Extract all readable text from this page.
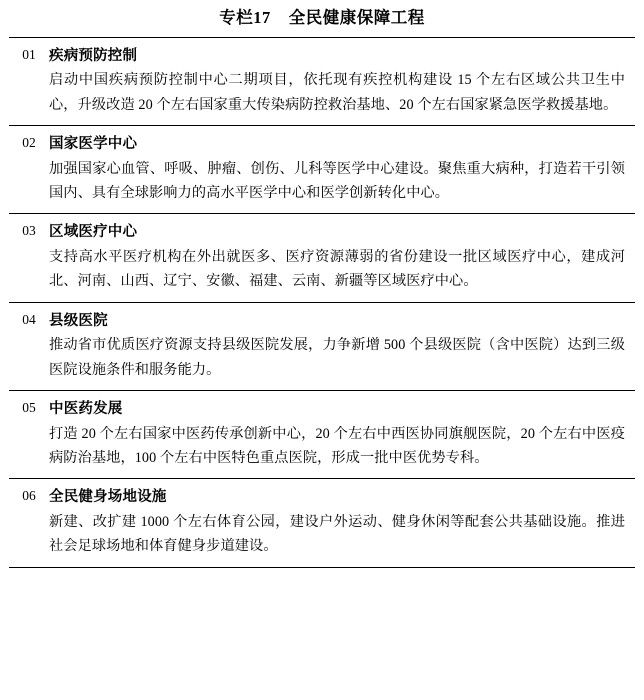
专栏17 全民健康保障工程
01 疾病预防控制
启动中国疾病预防控制中心二期项目，依托现有疾控机构建设 15 个左右区域公共卫生中心，升级改造 20 个左右国家重大传染病防控救治基地、20 个左右国家紧急医学救援基地。
02 国家医学中心
加强国家心血管、呼吸、肿瘤、创伤、儿科等医学中心建设。聚焦重大病种，打造若干引领国内、具有全球影响力的高水平医学中心和医学创新转化中心。
03 区域医疗中心
支持高水平医疗机构在外出就医多、医疗资源薄弱的省份建设一批区域医疗中心，建成河北、河南、山西、辽宁、安徽、福建、云南、新疆等区域医疗中心。
04 县级医院
推动省市优质医疗资源支持县级医院发展，力争新增 500 个县级医院（含中医院）达到三级医院设施条件和服务能力。
05 中医药发展
打造 20 个左右国家中医药传承创新中心，20 个左右中西医协同旗舰医院，20 个左右中医疫病防治基地，100 个左右中医特色重点医院，形成一批中医优势专科。
06 全民健身场地设施
新建、改扩建 1000 个左右体育公园，建设户外运动、健身休闲等配套公共基础设施。推进社会足球场地和体育健身步道建设。
